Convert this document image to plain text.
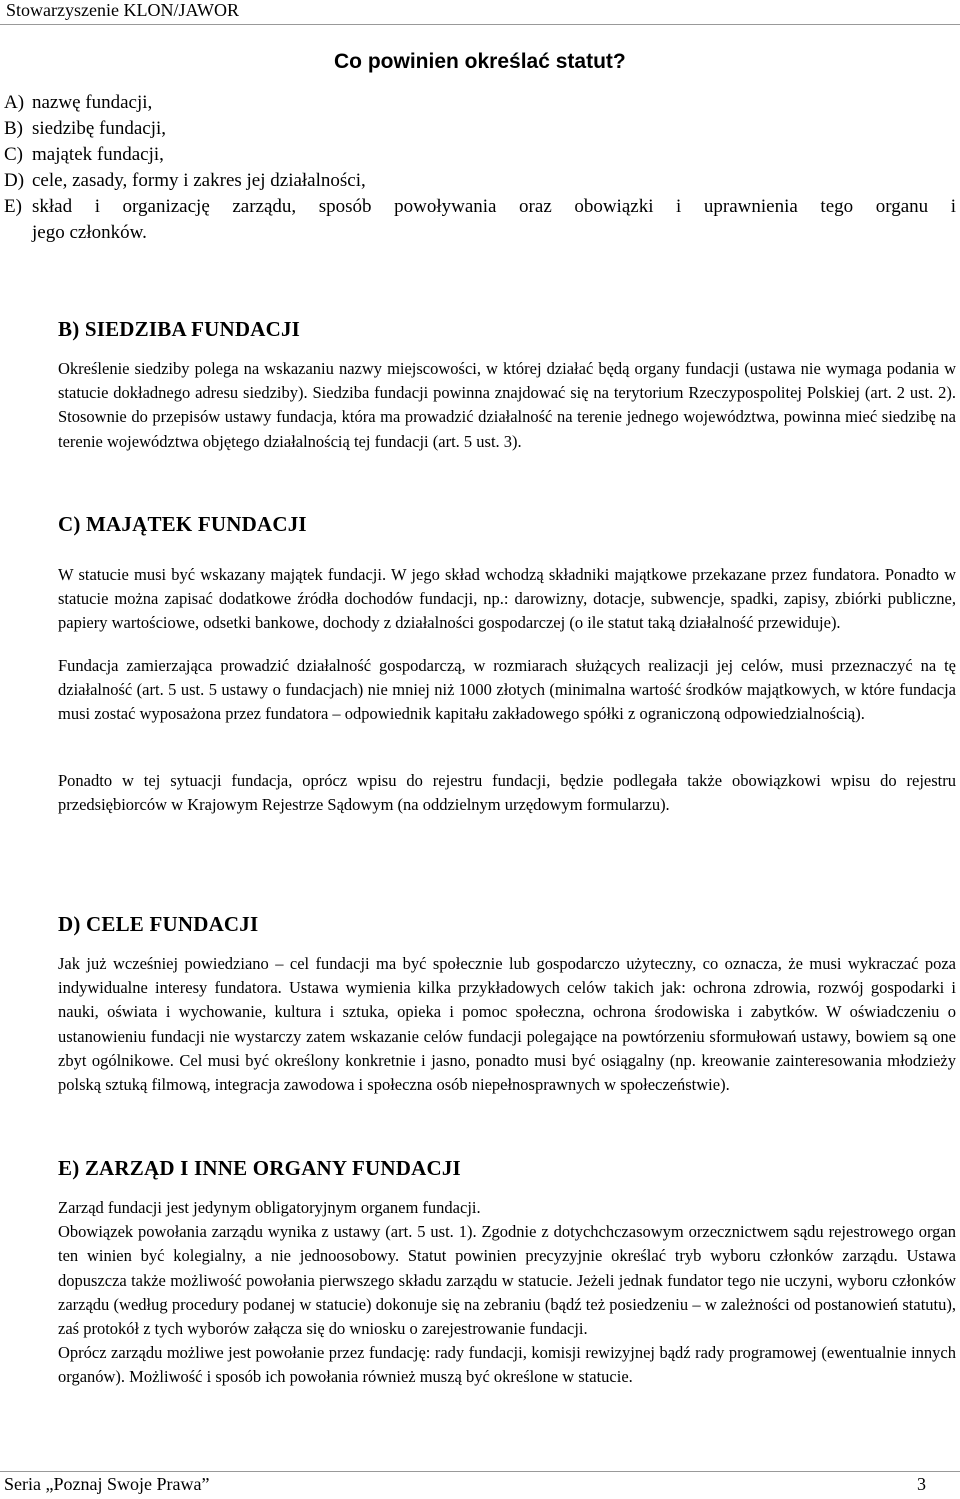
Stowarzyszenie KLON/JAWOR
Co powinien określać statut?
A) nazwę fundacji,
B) siedzibę fundacji,
C) majątek fundacji,
D) cele, zasady, formy i zakres jej działalności,
E) skład i organizację zarządu, sposób powoływania oraz obowiązki i uprawnienia tego organu i
jego członków.
B) SIEDZIBA FUNDACJI

Określenie siedziby polega na wskazaniu nazwy miejscowości, w której działać będą organy fundacji (ustawa nie wymaga podania w statucie dokładnego adresu siedziby). Siedziba fundacji powinna znajdować się na terytorium Rzeczypospolitej Polskiej (art. 2 ust. 2). Stosownie do przepisów ustawy fundacja, która ma prowadzić działalność na terenie jednego województwa, powinna mieć siedzibę na terenie województwa objętego działalnością tej fundacji (art. 5 ust. 3).

C) MAJĄTEK FUNDACJI

W statucie musi być wskazany majątek fundacji. W jego skład wchodzą składniki majątkowe przekazane przez fundatora. Ponadto w statucie można zapisać dodatkowe źródła dochodów fundacji, np.: darowizny, dotacje, subwencje, spadki, zapisy, zbiórki publiczne, papiery wartościowe, odsetki bankowe, dochody z działalności gospodarczej (o ile statut taką działalność przewiduje).

Fundacja zamierzająca prowadzić działalność gospodarczą, w rozmiarach służących realizacji jej celów, musi przeznaczyć na tę działalność (art. 5 ust. 5 ustawy o fundacjach) nie mniej niż 1000 złotych (minimalna wartość środków majątkowych, w które fundacja musi zostać wyposażona przez fundatora – odpowiednik kapitału zakładowego spółki z ograniczoną odpowiedzialnością).

Ponadto w tej sytuacji fundacja, oprócz wpisu do rejestru fundacji, będzie podlegała także obowiązkowi wpisu do rejestru przedsiębiorców w Krajowym Rejestrze Sądowym (na oddzielnym urzędowym formularzu).

D) CELE FUNDACJI

Jak już wcześniej powiedziano – cel fundacji ma być społecznie lub gospodarczo użyteczny, co oznacza, że musi wykraczać poza indywidualne interesy fundatora. Ustawa wymienia kilka przykładowych celów takich jak: ochrona zdrowia, rozwój gospodarki i nauki, oświata i wychowanie, kultura i sztuka, opieka i pomoc społeczna, ochrona środowiska i zabytków. W oświadczeniu o ustanowieniu fundacji nie wystarczy zatem wskazanie celów fundacji polegające na powtórzeniu sformułowań ustawy, bowiem są one zbyt ogólnikowe. Cel musi być określony konkretnie i jasno, ponadto musi być osiągalny (np. kreowanie zainteresowania młodzieży polską sztuką filmową, integracja zawodowa i społeczna osób niepełnosprawnych w społeczeństwie).

E) ZARZĄD I INNE ORGANY FUNDACJI

Zarząd fundacji jest jedynym obligatoryjnym organem fundacji.

Obowiązek powołania zarządu wynika z ustawy (art. 5 ust. 1). Zgodnie z dotychchczasowym orzecznictwem sądu rejestrowego organ ten winien być kolegialny, a nie jednoosobowy. Statut powinien precyzyjnie określać tryb wyboru członków zarządu. Ustawa dopuszcza także możliwość powołania pierwszego składu zarządu w statucie. Jeżeli jednak fundator tego nie uczyni, wyboru członków zarządu (według procedury podanej w statucie) dokonuje się na zebraniu (bądź też posiedzeniu – w zależności od postanowień statutu), zaś protokół z tych wyborów załącza się do wniosku o zarejestrowanie fundacji.

Oprócz zarządu możliwe jest powołanie przez fundację: rady fundacji, komisji rewizyjnej bądź rady programowej (ewentualnie innych organów). Możliwość i sposób ich powołania również muszą być określone w statucie.

Seria „Poznaj Swoje Prawa”	3
